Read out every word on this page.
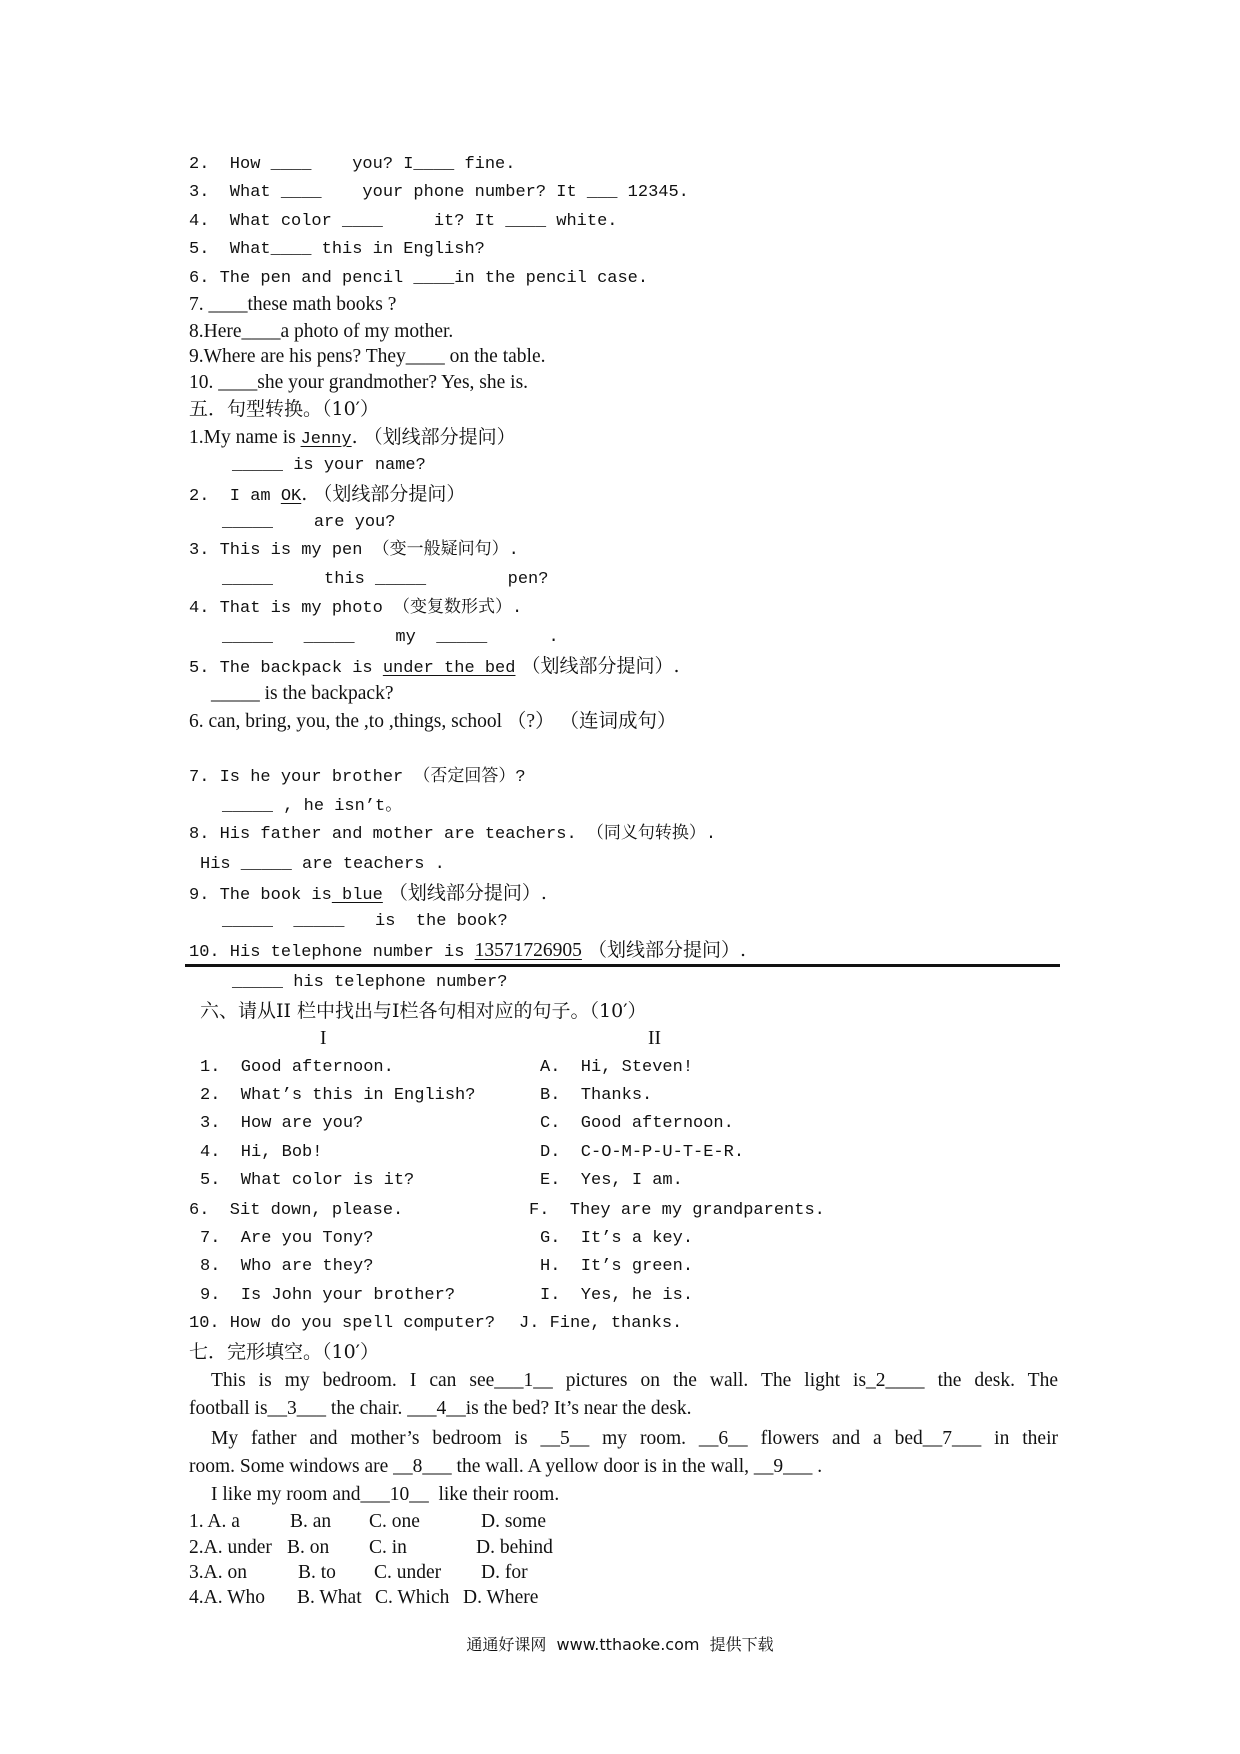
2.  How ____    you? I____ fine.
3.  What ____    your phone number? It ___ 12345.
4.  What color ____     it? It ____ white.
5.  What____ this in English?
6. The pen and pencil ____in the pencil case.
7. ____these math books ?
8.Here____a photo of my mother.
9.Where are his pens? They____ on the table.
10. ____she your grandmother? Yes, she is.
五．句型转换。（10′）
1.My name is Jenny. （划线部分提问）
_____ is your name?
2.  I am OK. （划线部分提问）
_____    are you?
3. This is my pen （变一般疑问句）.
_____     this _____        pen?
4. That is my photo （变复数形式）.
_____   _____    my  _____      .
5. The backpack is under the bed （划线部分提问）.
_____ is the backpack?
6. can, bring, you, the ,to ,things, school （?） （连词成句）
7. Is he your brother （否定回答）?
_____ , he isn’t。
8. His father and mother are teachers. （同义句转换）.
His _____ are teachers .
9. The book is blue （划线部分提问）.
_____  _____   is  the book?
10. His telephone number is 13571726905 （划线部分提问）.
_____ his telephone number?
六、请从II 栏中找出与I栏各句相对应的句子。（10′）
I	II
1.  Good afternoon.	A.  Hi, Steven!
2.  What’s this in English?	B.  Thanks.
3.  How are you?	C.  Good afternoon.
4.  Hi, Bob!	D.  C-O-M-P-U-T-E-R.
5.  What color is it?	E.  Yes, I am.
6.  Sit down, please.	F.  They are my grandparents.
7.  Are you Tony?	G.  It’s a key.
8.  Who are they?	H.  It’s green.
9.  Is John your brother?	I.  Yes, he is.
10. How do you spell computer? J. Fine, thanks.
七．完形填空。（10′）
This is my bedroom. I can see___1__ pictures on the wall. The light is_2____ the desk. The
football is__3___ the chair. ___4__is the bed? It’s near the desk.
My father and mother’s bedroom is __5__ my room. __6__ flowers and a bed__7___ in their
room. Some windows are __8___ the wall. A yellow door is in the wall, __9___ .
I like my room and___10__  like their room.
1. A. a	B. an C. one	D. some
2.A. under B. on C. in	D. behind
3.A. on	B. to C. under D. for
4.A. Who B. What C. Which D. Where
通通好课网  www.tthaoke.com  提供下载
